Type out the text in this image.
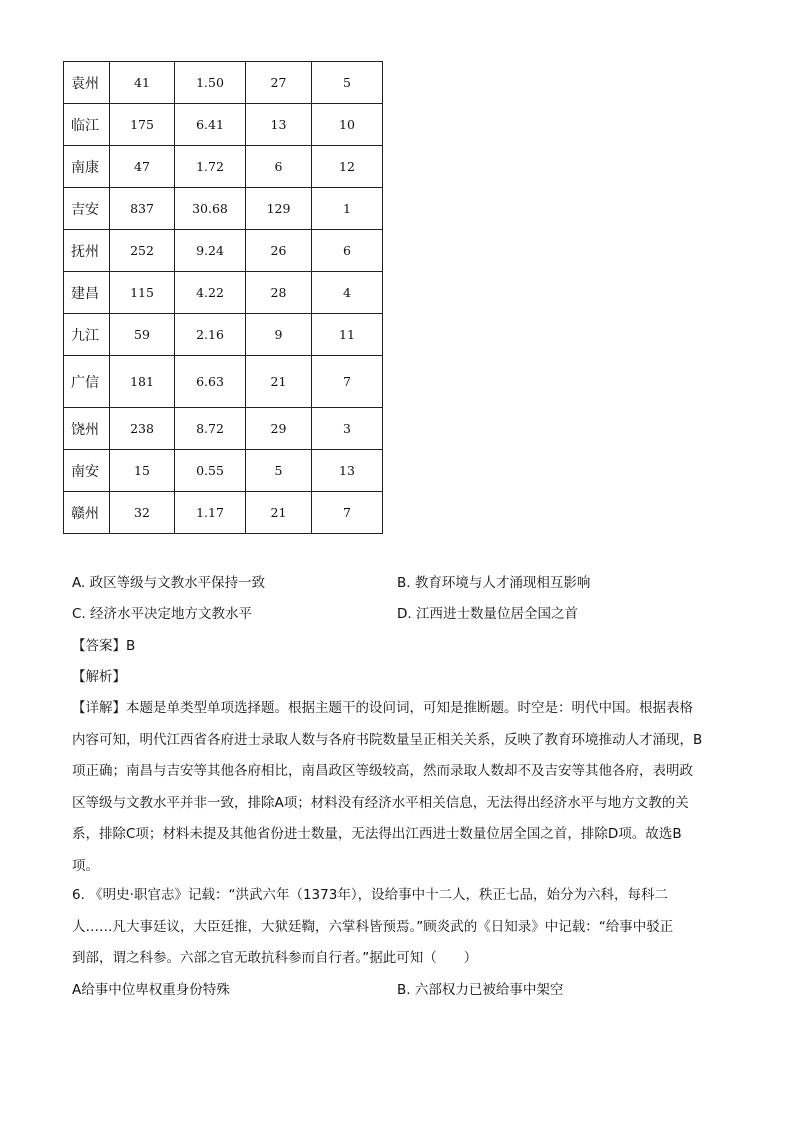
袁州	41	1.50	27	5
临江	175	6.41	13	10
南康	47	1.72	6	12
吉安	837	30.68	129	1
抚州	252	9.24	26	6
建昌	115	4.22	28	4
九江	59	2.16	9	11
广信	181	6.63	21	7
饶州	238	8.72	29	3
南安	15	0.55	5	13
赣州	32	1.17	21	7
A. 政区等级与文教水平保持一致	B. 教育环境与人才涌现相互影响
C. 经济水平决定地方文教水平	D. 江西进士数量位居全国之首
【答案】B
【解析】
【详解】本题是单类型单项选择题。根据主题干的设问词，可知是推断题。时空是：明代中国。根据表格
内容可知，明代江西省各府进士录取人数与各府书院数量呈正相关关系，反映了教育环境推动人才涌现，B
项正确；南昌与吉安等其他各府相比，南昌政区等级较高，然而录取人数却不及吉安等其他各府，表明政
区等级与文教水平并非一致，排除A项；材料没有经济水平相关信息，无法得出经济水平与地方文教的关
系，排除C项；材料未提及其他省份进士数量，无法得出江西进士数量位居全国之首，排除D项。故选B
项。
6. 《明史·职官志》记载：“洪武六年（1373年），设给事中十二人，秩正七品，始分为六科，每科二
人……凡大事廷议，大臣廷推，大狱廷鞫，六掌科皆预焉。”顾炎武的《日知录》中记载：“给事中驳正
到部，谓之科参。六部之官无敢抗科参而自行者。”据此可知（　　）
A给事中位卑权重身份特殊	B. 六部权力已被给事中架空
